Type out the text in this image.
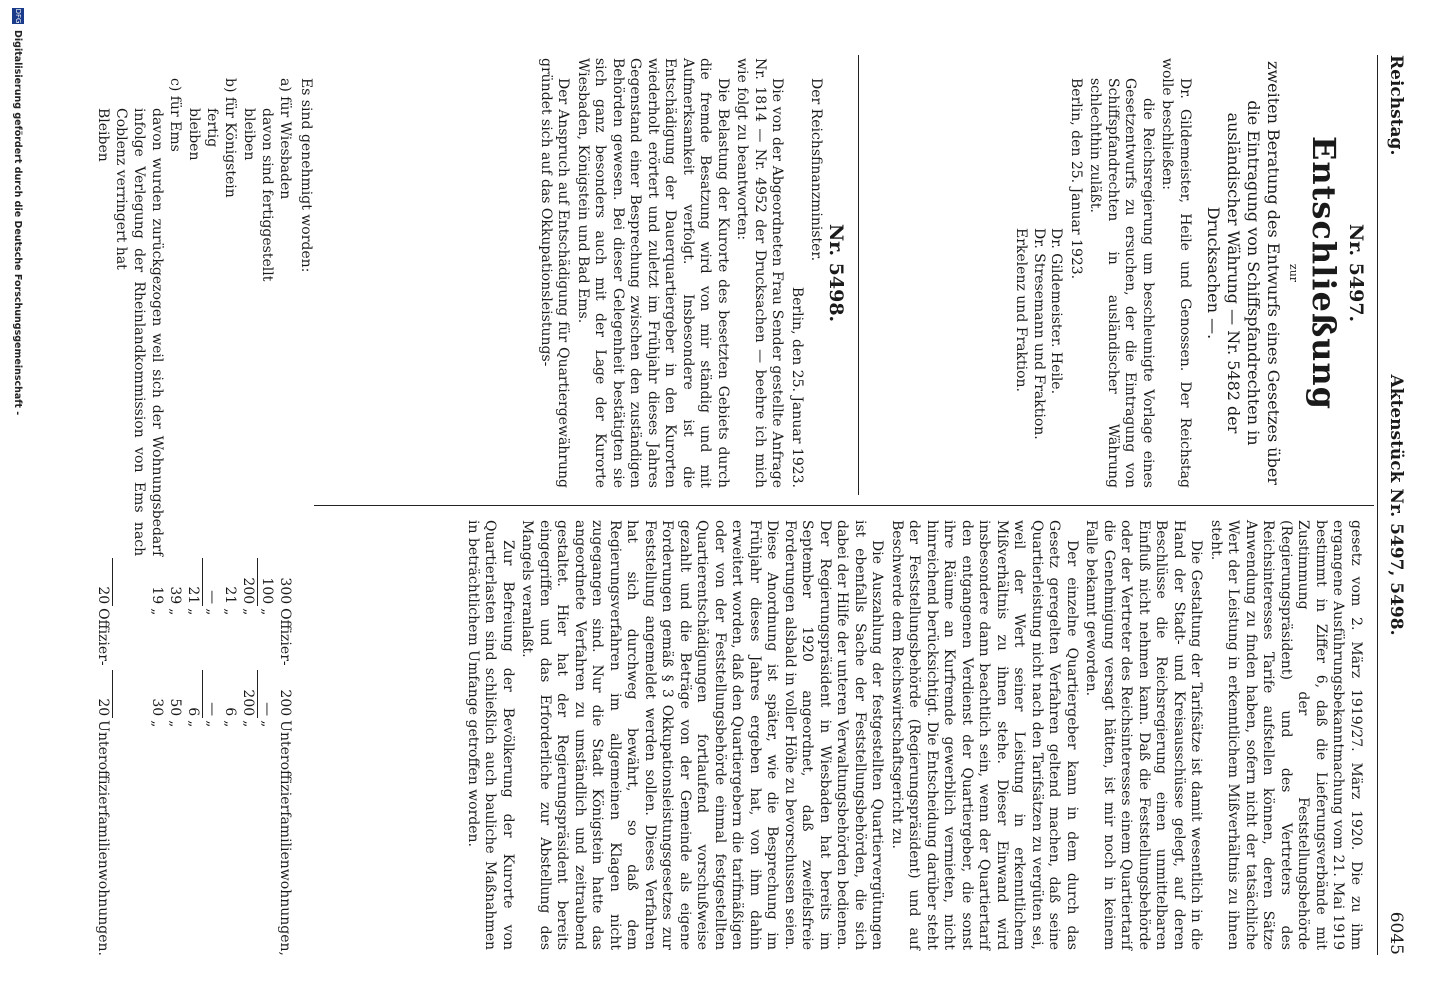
Reichstag.
Aktenstück Nr. 5497, 5498.
6045

Nr. 5497.

Entschließung

zur

zweiten Beratung des Entwurfs eines Gesetzes über die Eintragung von Schiffspfandrechten in ausländischer Währung — Nr. 5482 der Drucksachen —.

Dr. Gildemeister, Heile und Genossen. Der Reichstag wolle beschließen:

die Reichsregierung um beschleunigte Vorlage eines Gesetzentwurfs zu ersuchen, der die Eintragung von Schiffspfandrechten in ausländischer Währung schlechthin zuläßt.

Berlin, den 25. Januar 1923.

Dr. Gildemeister. Heile.

Dr. Stresemann und Fraktion.

Erkelenz und Fraktion.

Nr. 5498.

Der Reichsfinanzminister.

Berlin, den 25. Januar 1923.

Die von der Abgeordneten Frau Sender gestellte Anfrage Nr. 1814 — Nr. 4952 der Drucksachen — beehre ich mich wie folgt zu beantworten:

Die Belastung der Kurorte des besetzten Gebiets durch die fremde Besatzung wird von mir ständig und mit Aufmerksamkeit verfolgt. Insbesondere ist die Entschädigung der Dauerquartiergeber in den Kurorten wiederholt erörtert und zuletzt im Frühjahr dieses Jahres Gegenstand einer Besprechung zwischen den zuständigen Behörden gewesen. Bei dieser Gelegenheit bestätigten sie sich ganz besonders auch mit der Lage der Kurorte Wiesbaden, Königstein und Bad Ems.

Der Anspruch auf Entschädigung für Quartiergewährung gründet sich auf das Okkupationsleistungs-

gesetz vom 2. März 1919/27. März 1920. Die zu ihm ergangene Ausführungsbekanntmachung vom 21. Mai 1919 bestimmt in Ziffer 6, daß die Lieferungsverbände mit Zustimmung der Feststellungsbehörde (Regierungspräsident) und des Vertreters des Reichsinteresses Tarife aufstellen können, deren Sätze Anwendung zu finden haben, sofern nicht der tatsächliche Wert der Leistung in erkenntlichem Mißverhältnis zu ihnen steht.

Die Gestaltung der Tarifsätze ist damit wesentlich in die Hand der Stadt- und Kreisausschüsse gelegt, auf deren Beschlüsse die Reichsregierung einen unmittelbaren Einfluß nicht nehmen kann. Daß die Feststellungsbehörde oder der Vertreter des Reichsinteresses einem Quartiertarif die Genehmigung versagt hätten, ist mir noch in keinem Falle bekannt geworden.

Der einzelne Quartiergeber kann in dem durch das Gesetz geregelten Verfahren geltend machen, daß seine Quartierleistung nicht nach den Tarifsätzen zu vergüten sei, weil der Wert seiner Leistung in erkenntlichem Mißverhältnis zu ihnen stehe. Dieser Einwand wird insbesondere dann beachtlich sein, wenn der Quartiertarif den entgangenen Verdienst der Quartiergeber, die sonst ihre Räume an Kurfremde gewerblich vermieten, nicht hinreichend berücksichtigt. Die Entscheidung darüber steht der Feststellungsbehörde (Regierungspräsident) und auf Beschwerde dem Reichswirtschaftsgericht zu.

Die Auszahlung der festgestellten Quartiervergütungen ist ebenfalls Sache der Feststellungsbehörden, die sich dabei der Hilfe der unteren Verwaltungsbehörden bedienen. Der Regierungspräsident in Wiesbaden hat bereits im September 1920 angeordnet, daß zweifelsfreie Forderungen alsbald in voller Höhe zu bevorschussen seien. Diese Anordnung ist später, wie die Besprechung im Frühjahr dieses Jahres ergeben hat, von ihm dahin erweitert worden, daß den Quartiergebern die tarifmäßigen oder von der Feststellungsbehörde einmal festgestellten Quartierentschädigungen fortlaufend vorschußweise gezahlt und die Beträge von der Gemeinde als eigene Forderungen gemäß § 3 Okkupationsleistungsgesetzes zur Feststellung angemeldet werden sollen. Dieses Verfahren hat sich durchweg bewährt, so daß dem Regierungsverfahren im allgemeinen Klagen nicht zugegangen sind. Nur die Stadt Königstein hatte das angeordnete Verfahren zu umständlich und zeitraubend gestaltet. Hier hat der Regierungspräsident bereits eingegriffen und das Erforderliche zur Abstellung des Mangels veranlaßt.

Zur Befreiung der Bevölkerung der Kurorte von Quartierlasten sind schließlich auch bauliche Maßnahmen in beträchtlichem Umfange getroffen worden.

Es sind genehmigt worden:

a) für Wiesbaden	300	Offizier-	200	Unteroffizierfamilienwohnungen,
davon sind fertiggestellt	100	„	—	„
bleiben	200	„	200	„
b) für Königstein	21	„	6	„
fertig	—	„	—	„
bleiben	21	„	6	„
c) für Ems	39	„	50	„
davon wurden zurückgezogen weil sich der Wohnungsbedarf infolge Verlegung der Rheinlandkommission von Ems nach Coblenz verringert hat	19	„	30	„
Bleiben	20	Offizier-	20	Unteroffizierfamilienwohnungen.
DFG
Digitalisierung gefördert durch die Deutsche Forschungsgemeinschaft -
